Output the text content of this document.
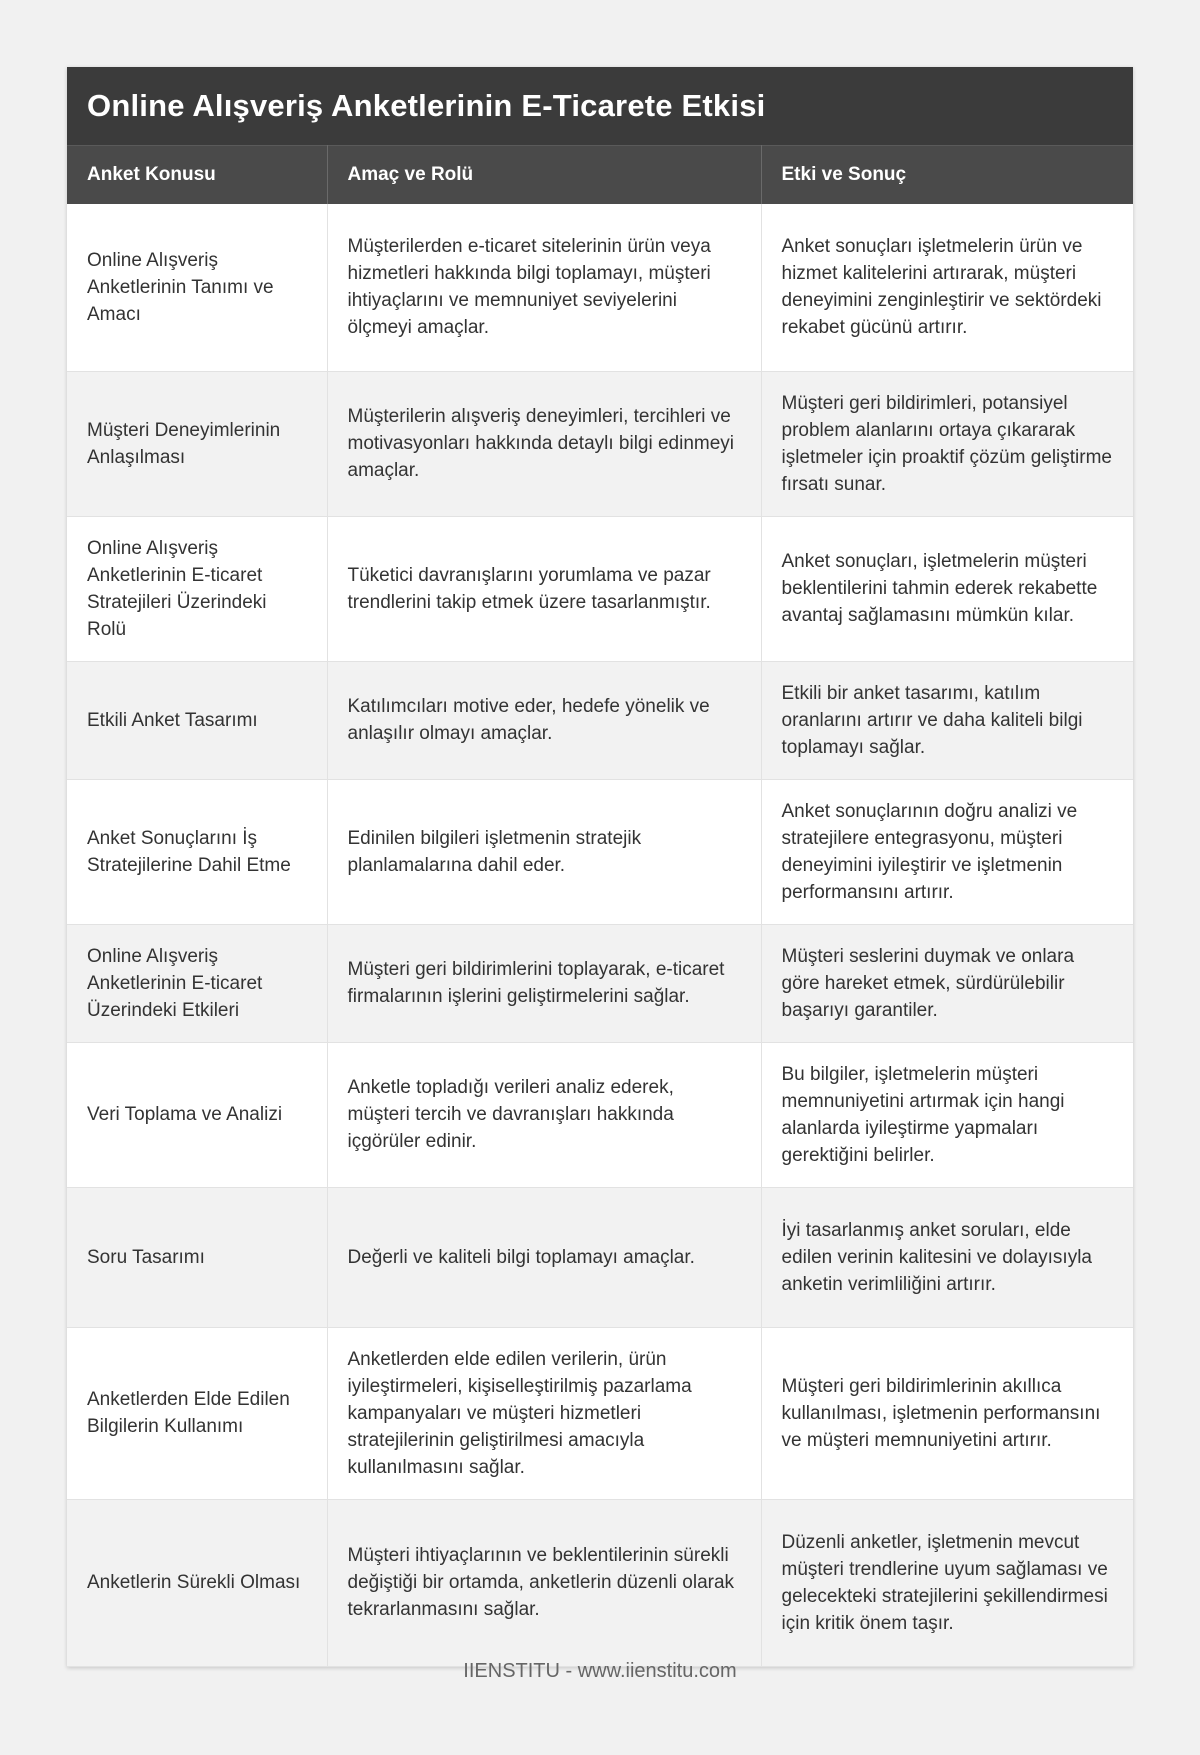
Online Alışveriş Anketlerinin E-Ticarete Etkisi
Anket Konusu	Amaç ve Rolü	Etki ve Sonuç
Online Alışveriş Anketlerinin Tanımı ve Amacı	Müşterilerden e-ticaret sitelerinin ürün veya hizmetleri hakkında bilgi toplamayı, müşteri ihtiyaçlarını ve memnuniyet seviyelerini ölçmeyi amaçlar.	Anket sonuçları işletmelerin ürün ve hizmet kalitelerini artırarak, müşteri deneyimini zenginleştirir ve sektördeki rekabet gücünü artırır.
Müşteri Deneyimlerinin Anlaşılması	Müşterilerin alışveriş deneyimleri, tercihleri ve motivasyonları hakkında detaylı bilgi edinmeyi amaçlar.	Müşteri geri bildirimleri, potansiyel problem alanlarını ortaya çıkararak işletmeler için proaktif çözüm geliştirme fırsatı sunar.
Online Alışveriş Anketlerinin E-ticaret Stratejileri Üzerindeki Rolü	Tüketici davranışlarını yorumlama ve pazar trendlerini takip etmek üzere tasarlanmıştır.	Anket sonuçları, işletmelerin müşteri beklentilerini tahmin ederek rekabette avantaj sağlamasını mümkün kılar.
Etkili Anket Tasarımı	Katılımcıları motive eder, hedefe yönelik ve anlaşılır olmayı amaçlar.	Etkili bir anket tasarımı, katılım oranlarını artırır ve daha kaliteli bilgi toplamayı sağlar.
Anket Sonuçlarını İş Stratejilerine Dahil Etme	Edinilen bilgileri işletmenin stratejik planlamalarına dahil eder.	Anket sonuçlarının doğru analizi ve stratejilere entegrasyonu, müşteri deneyimini iyileştirir ve işletmenin performansını artırır.
Online Alışveriş Anketlerinin E-ticaret Üzerindeki Etkileri	Müşteri geri bildirimlerini toplayarak, e-ticaret firmalarının işlerini geliştirmelerini sağlar.	Müşteri seslerini duymak ve onlara göre hareket etmek, sürdürülebilir başarıyı garantiler.
Veri Toplama ve Analizi	Anketle topladığı verileri analiz ederek, müşteri tercih ve davranışları hakkında içgörüler edinir.	Bu bilgiler, işletmelerin müşteri memnuniyetini artırmak için hangi alanlarda iyileştirme yapmaları gerektiğini belirler.
Soru Tasarımı	Değerli ve kaliteli bilgi toplamayı amaçlar.	İyi tasarlanmış anket soruları, elde edilen verinin kalitesini ve dolayısıyla anketin verimliliğini artırır.
Anketlerden Elde Edilen Bilgilerin Kullanımı	Anketlerden elde edilen verilerin, ürün iyileştirmeleri, kişiselleştirilmiş pazarlama kampanyaları ve müşteri hizmetleri stratejilerinin geliştirilmesi amacıyla kullanılmasını sağlar.	Müşteri geri bildirimlerinin akıllıca kullanılması, işletmenin performansını ve müşteri memnuniyetini artırır.
Anketlerin Sürekli Olması	Müşteri ihtiyaçlarının ve beklentilerinin sürekli değiştiği bir ortamda, anketlerin düzenli olarak tekrarlanmasını sağlar.	Düzenli anketler, işletmenin mevcut müşteri trendlerine uyum sağlaması ve gelecekteki stratejilerini şekillendirmesi için kritik önem taşır.
IIENSTITU - www.iienstitu.com
